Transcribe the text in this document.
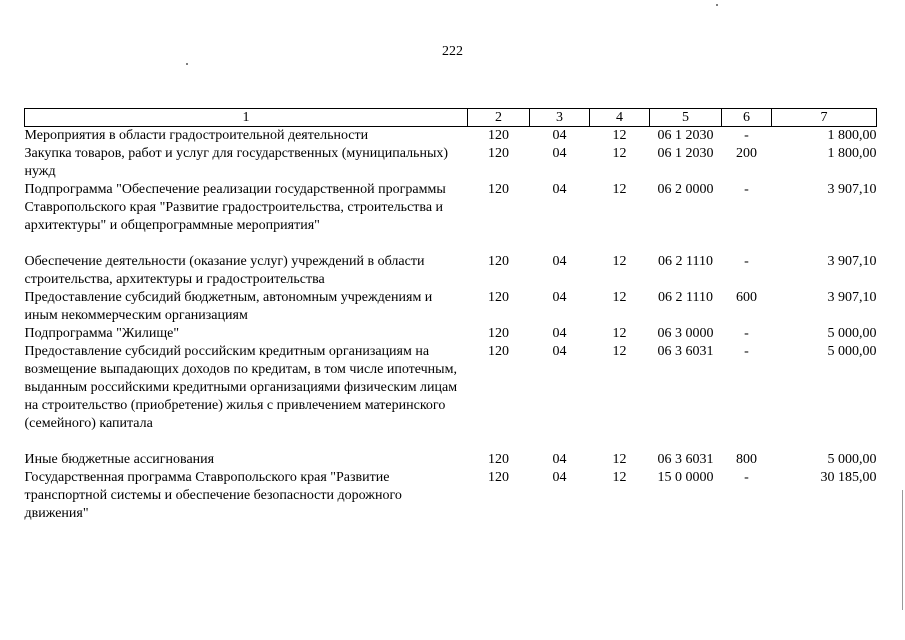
222
1	2	3	4	5	6	7
Мероприятия в области градостроительной деятельности	120	04	12	06 1 2030	-	1 800,00
Закупка товаров, работ и услуг для государственных (муниципальных) нужд	120	04	12	06 1 2030	200	1 800,00
Подпрограмма "Обеспечение реализации государственной программы Ставропольского края "Развитие градостроительства, строительства и архитектуры" и общепрограммные мероприятия"	120	04	12	06 2 0000	-	3 907,10

Обеспечение деятельности (оказание услуг) учреждений в области строительства, архитектуры и градостроительства	120	04	12	06 2 1110	-	3 907,10
Предоставление субсидий бюджетным, автономным учреждениям и иным некоммерческим организациям	120	04	12	06 2 1110	600	3 907,10
Подпрограмма "Жилище"	120	04	12	06 3 0000	-	5 000,00
Предоставление субсидий российским кредитным организациям на возмещение выпадающих доходов по кредитам, в том числе ипотечным, выданным российскими кредитными организациями физическим лицам на строительство (приобретение) жилья с привлечением материнского (семейного) капитала	120	04	12	06 3 6031	-	5 000,00

Иные бюджетные ассигнования	120	04	12	06 3 6031	800	5 000,00
Государственная программа Ставропольского края "Развитие транспортной системы и обеспечение безопасности дорожного движения"	120	04	12	15 0 0000	-	30 185,00
